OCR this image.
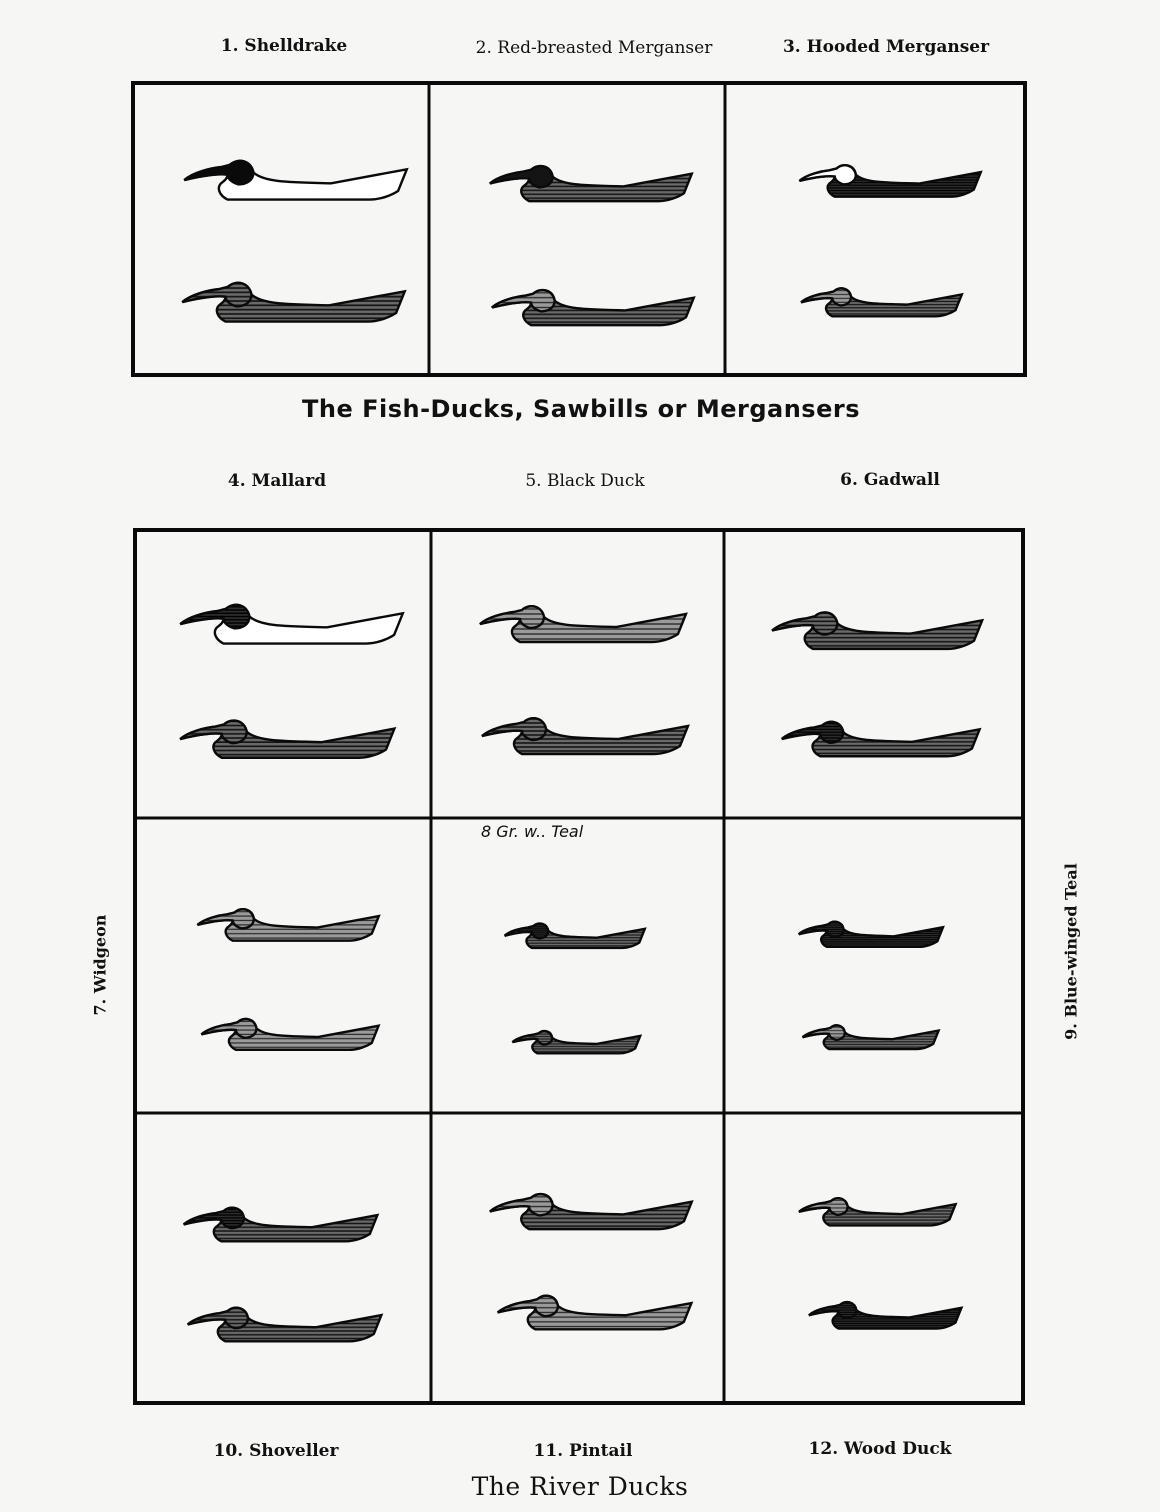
1. Shelldrake	2. Red-breasted Merganser	3. Hooded Merganser
The Fish-Ducks, Sawbills or Mergansers
4. Mallard	5. Black Duck	6. Gadwall
8 Gr. w.. Teal
7. Widgeon	9. Blue-winged Teal
10. Shoveller	11. Pintail	12. Wood Duck
The River Ducks
